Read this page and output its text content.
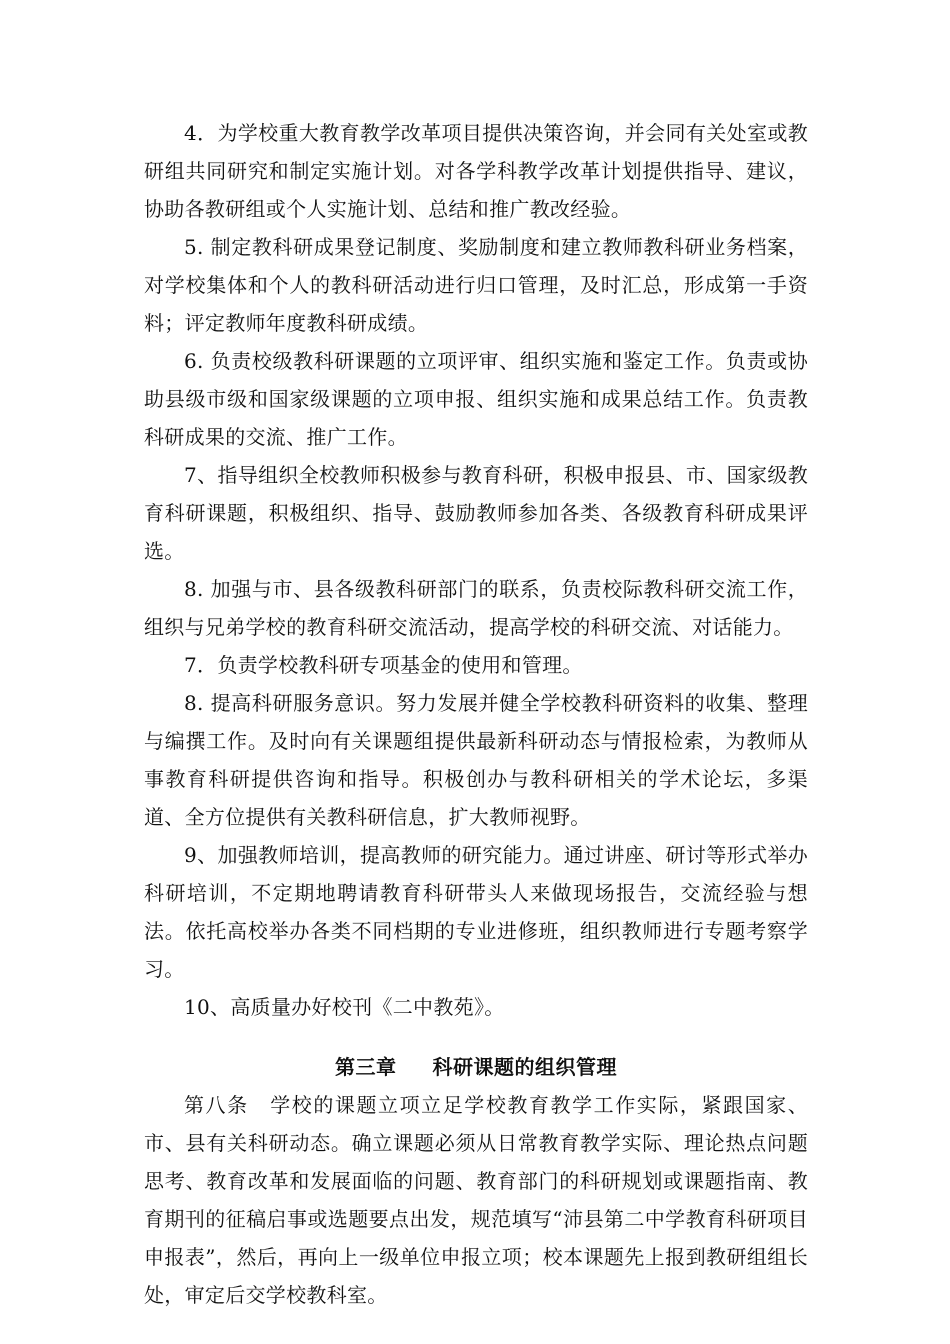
4．为学校重大教育教学改革项目提供决策咨询，并会同有关处室或教研组共同研究和制定实施计划。对各学科教学改革计划提供指导、建议，协助各教研组或个人实施计划、总结和推广教改经验。

5. 制定教科研成果登记制度、奖励制度和建立教师教科研业务档案，对学校集体和个人的教科研活动进行归口管理，及时汇总，形成第一手资料；评定教师年度教科研成绩。

6. 负责校级教科研课题的立项评审、组织实施和鉴定工作。负责或协助县级市级和国家级课题的立项申报、组织实施和成果总结工作。负责教科研成果的交流、推广工作。

7、指导组织全校教师积极参与教育科研，积极申报县、市、国家级教育科研课题，积极组织、指导、鼓励教师参加各类、各级教育科研成果评选。

8. 加强与市、县各级教科研部门的联系，负责校际教科研交流工作，组织与兄弟学校的教育科研交流活动，提高学校的科研交流、对话能力。

7．负责学校教科研专项基金的使用和管理。

8. 提高科研服务意识。努力发展并健全学校教科研资料的收集、整理与编撰工作。及时向有关课题组提供最新科研动态与情报检索，为教师从事教育科研提供咨询和指导。积极创办与教科研相关的学术论坛，多渠道、全方位提供有关教科研信息，扩大教师视野。

9、加强教师培训，提高教师的研究能力。通过讲座、研讨等形式举办科研培训，不定期地聘请教育科研带头人来做现场报告，交流经验与想法。依托高校举办各类不同档期的专业进修班，组织教师进行专题考察学习。

10、高质量办好校刊《二中教苑》。

第三章 科研课题的组织管理

第八条　学校的课题立项立足学校教育教学工作实际，紧跟国家、市、县有关科研动态。确立课题必须从日常教育教学实际、理论热点问题思考、教育改革和发展面临的问题、教育部门的科研规划或课题指南、教育期刊的征稿启事或选题要点出发，规范填写“沛县第二中学教育科研项目申报表”，然后，再向上一级单位申报立项；校本课题先上报到教研组组长处，审定后交学校教科室。
